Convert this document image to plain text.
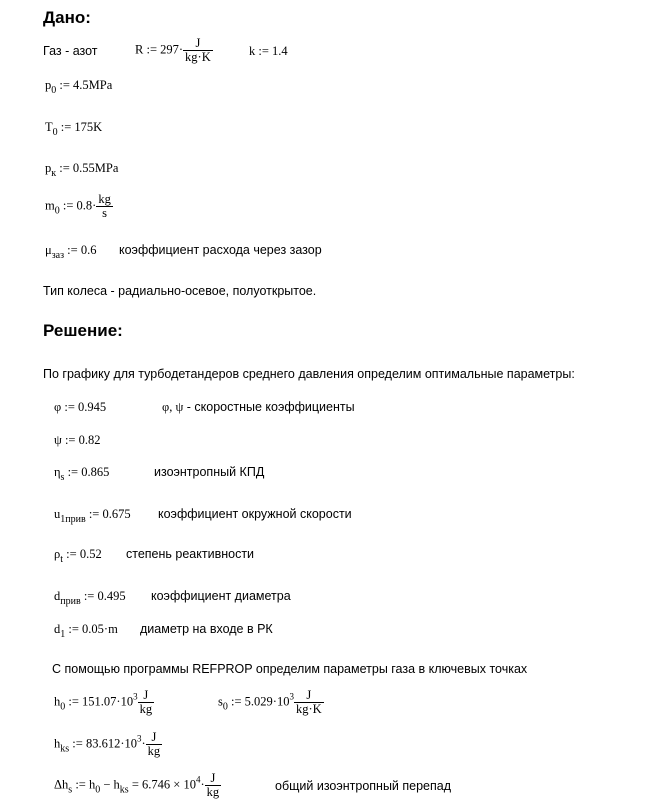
Дано:
Газ - азот	R := $297\cdot \frac{J}{kg\cdot K}$	k := 1.4
$p_0$ := 4.5MPa
$T_0$ := 175K
$p_к$ := 0.55MPa
$m_0$ := $0.8\cdot \frac{kg}{s}$
$\mu_{заз}$ := 0.6 коэффициент расхода через зазор
Тип колеса - радиально-осевое, полуоткрытое.
Решение:
По графику для турбодетандеров среднего давления определим оптимальные параметры:
φ := 0.945	φ, ψ - скоростные коэффициенты
ψ := 0.82
$\eta_s$ := 0.865	изоэнтропный КПД
$u_{1прив}$ := 0.675 коэффициент окружной скорости
$\rho_t$ := 0.52 степень реактивности
$d_{прив}$ := 0.495 коэффициент диаметра
$d_1$ := 0.05·m диаметр на входе в РК
С помощью программы REFPROP определим параметры газа в ключевых точках
$h_0$ := $151.07\cdot 10^3 \frac{J}{kg}$	$s_0$ := $5.029\cdot 10^3 \frac{J}{kg\cdot K}$
$h_{ks}$ := $83.612\cdot 10^3\cdot \frac{J}{kg}$
$\Delta h_s$ := $h_0 - h_{ks} = 6.746 \times 10^4\cdot \frac{J}{kg}$	общий изоэнтропный перепад
